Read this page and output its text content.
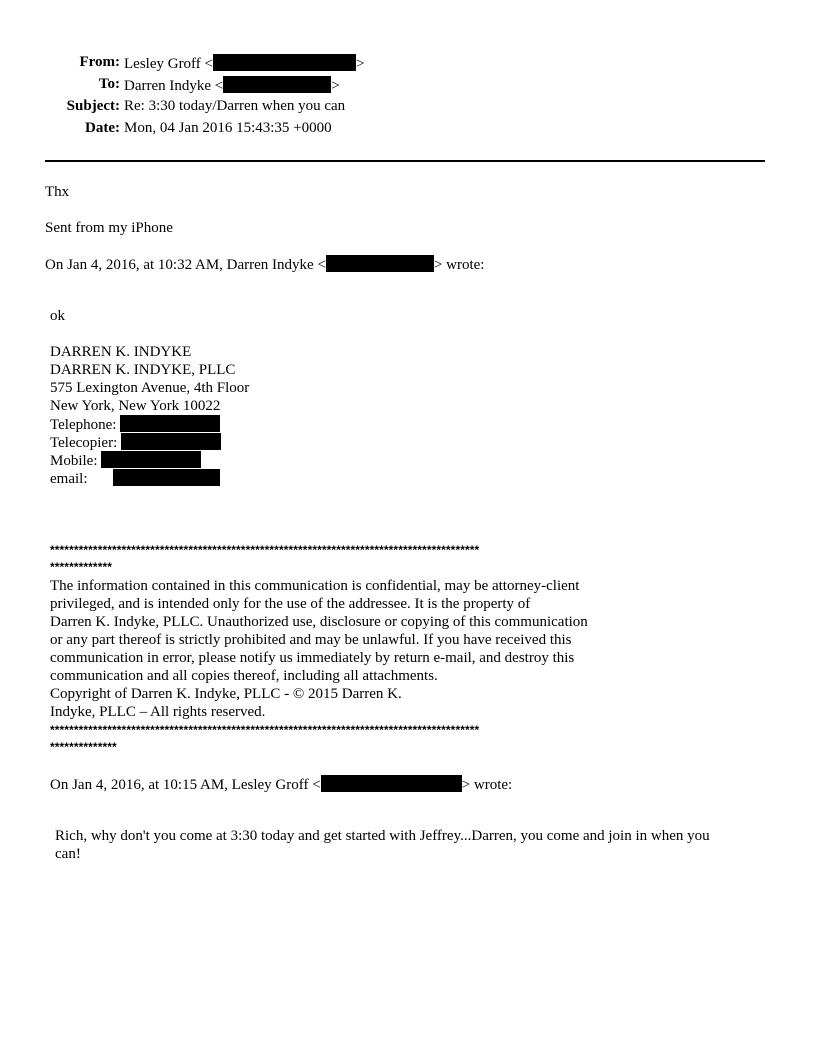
From: Lesley Groff <	>
To: Darren Indyke <	>
Subject: Re: 3:30 today/Darren when you can
Date: Mon, 04 Jan 2016 15:43:35 +0000
Thx
Sent from my iPhone
On Jan 4, 2016, at 10:32 AM, Darren Indyke <	> wrote:
ok
DARREN K. INDYKE
DARREN K. INDYKE, PLLC
575 Lexington Avenue, 4th Floor
New York, New York 10022
Telephone:
Telecopier:
Mobile:
email:
******************************************************************************************
*************
The information contained in this communication is confidential, may be attorney-client
privileged, and is intended only for the use of the addressee. It is the property of
Darren K. Indyke, PLLC. Unauthorized use, disclosure or copying of this communication
or any part thereof is strictly prohibited and may be unlawful. If you have received this
communication in error, please notify us immediately by return e-mail, and destroy this
communication and all copies thereof, including all attachments.
Copyright of Darren K. Indyke, PLLC - © 2015 Darren K.
Indyke, PLLC – All rights reserved.
******************************************************************************************
**************
On Jan 4, 2016, at 10:15 AM, Lesley Groff <	> wrote:
Rich, why don't you come at 3:30 today and get started with Jeffrey...Darren, you come and join in when you
can!
